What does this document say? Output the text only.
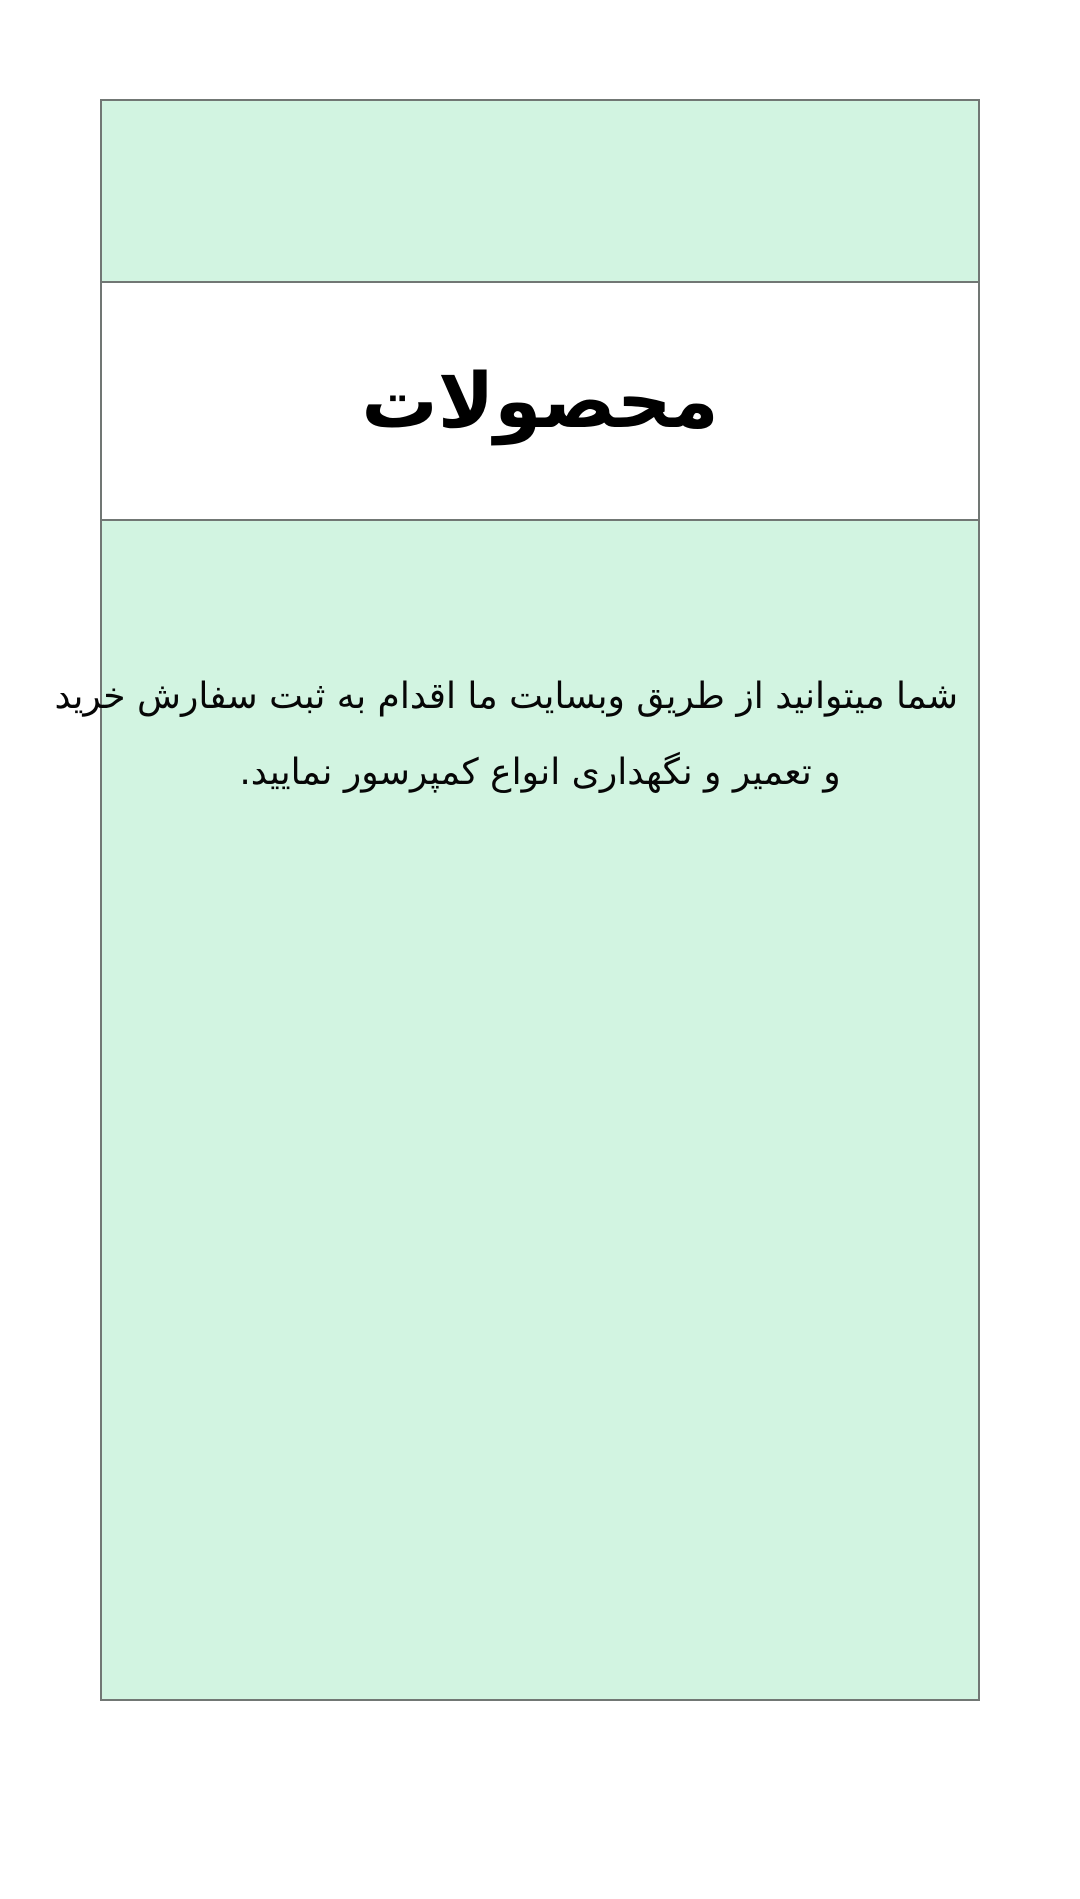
محصولات

شما میتوانید از طریق وبسایت ما اقدام به ثبت سفارش خرید

و تعمیر و نگهداری انواع کمپرسور نمایید.
